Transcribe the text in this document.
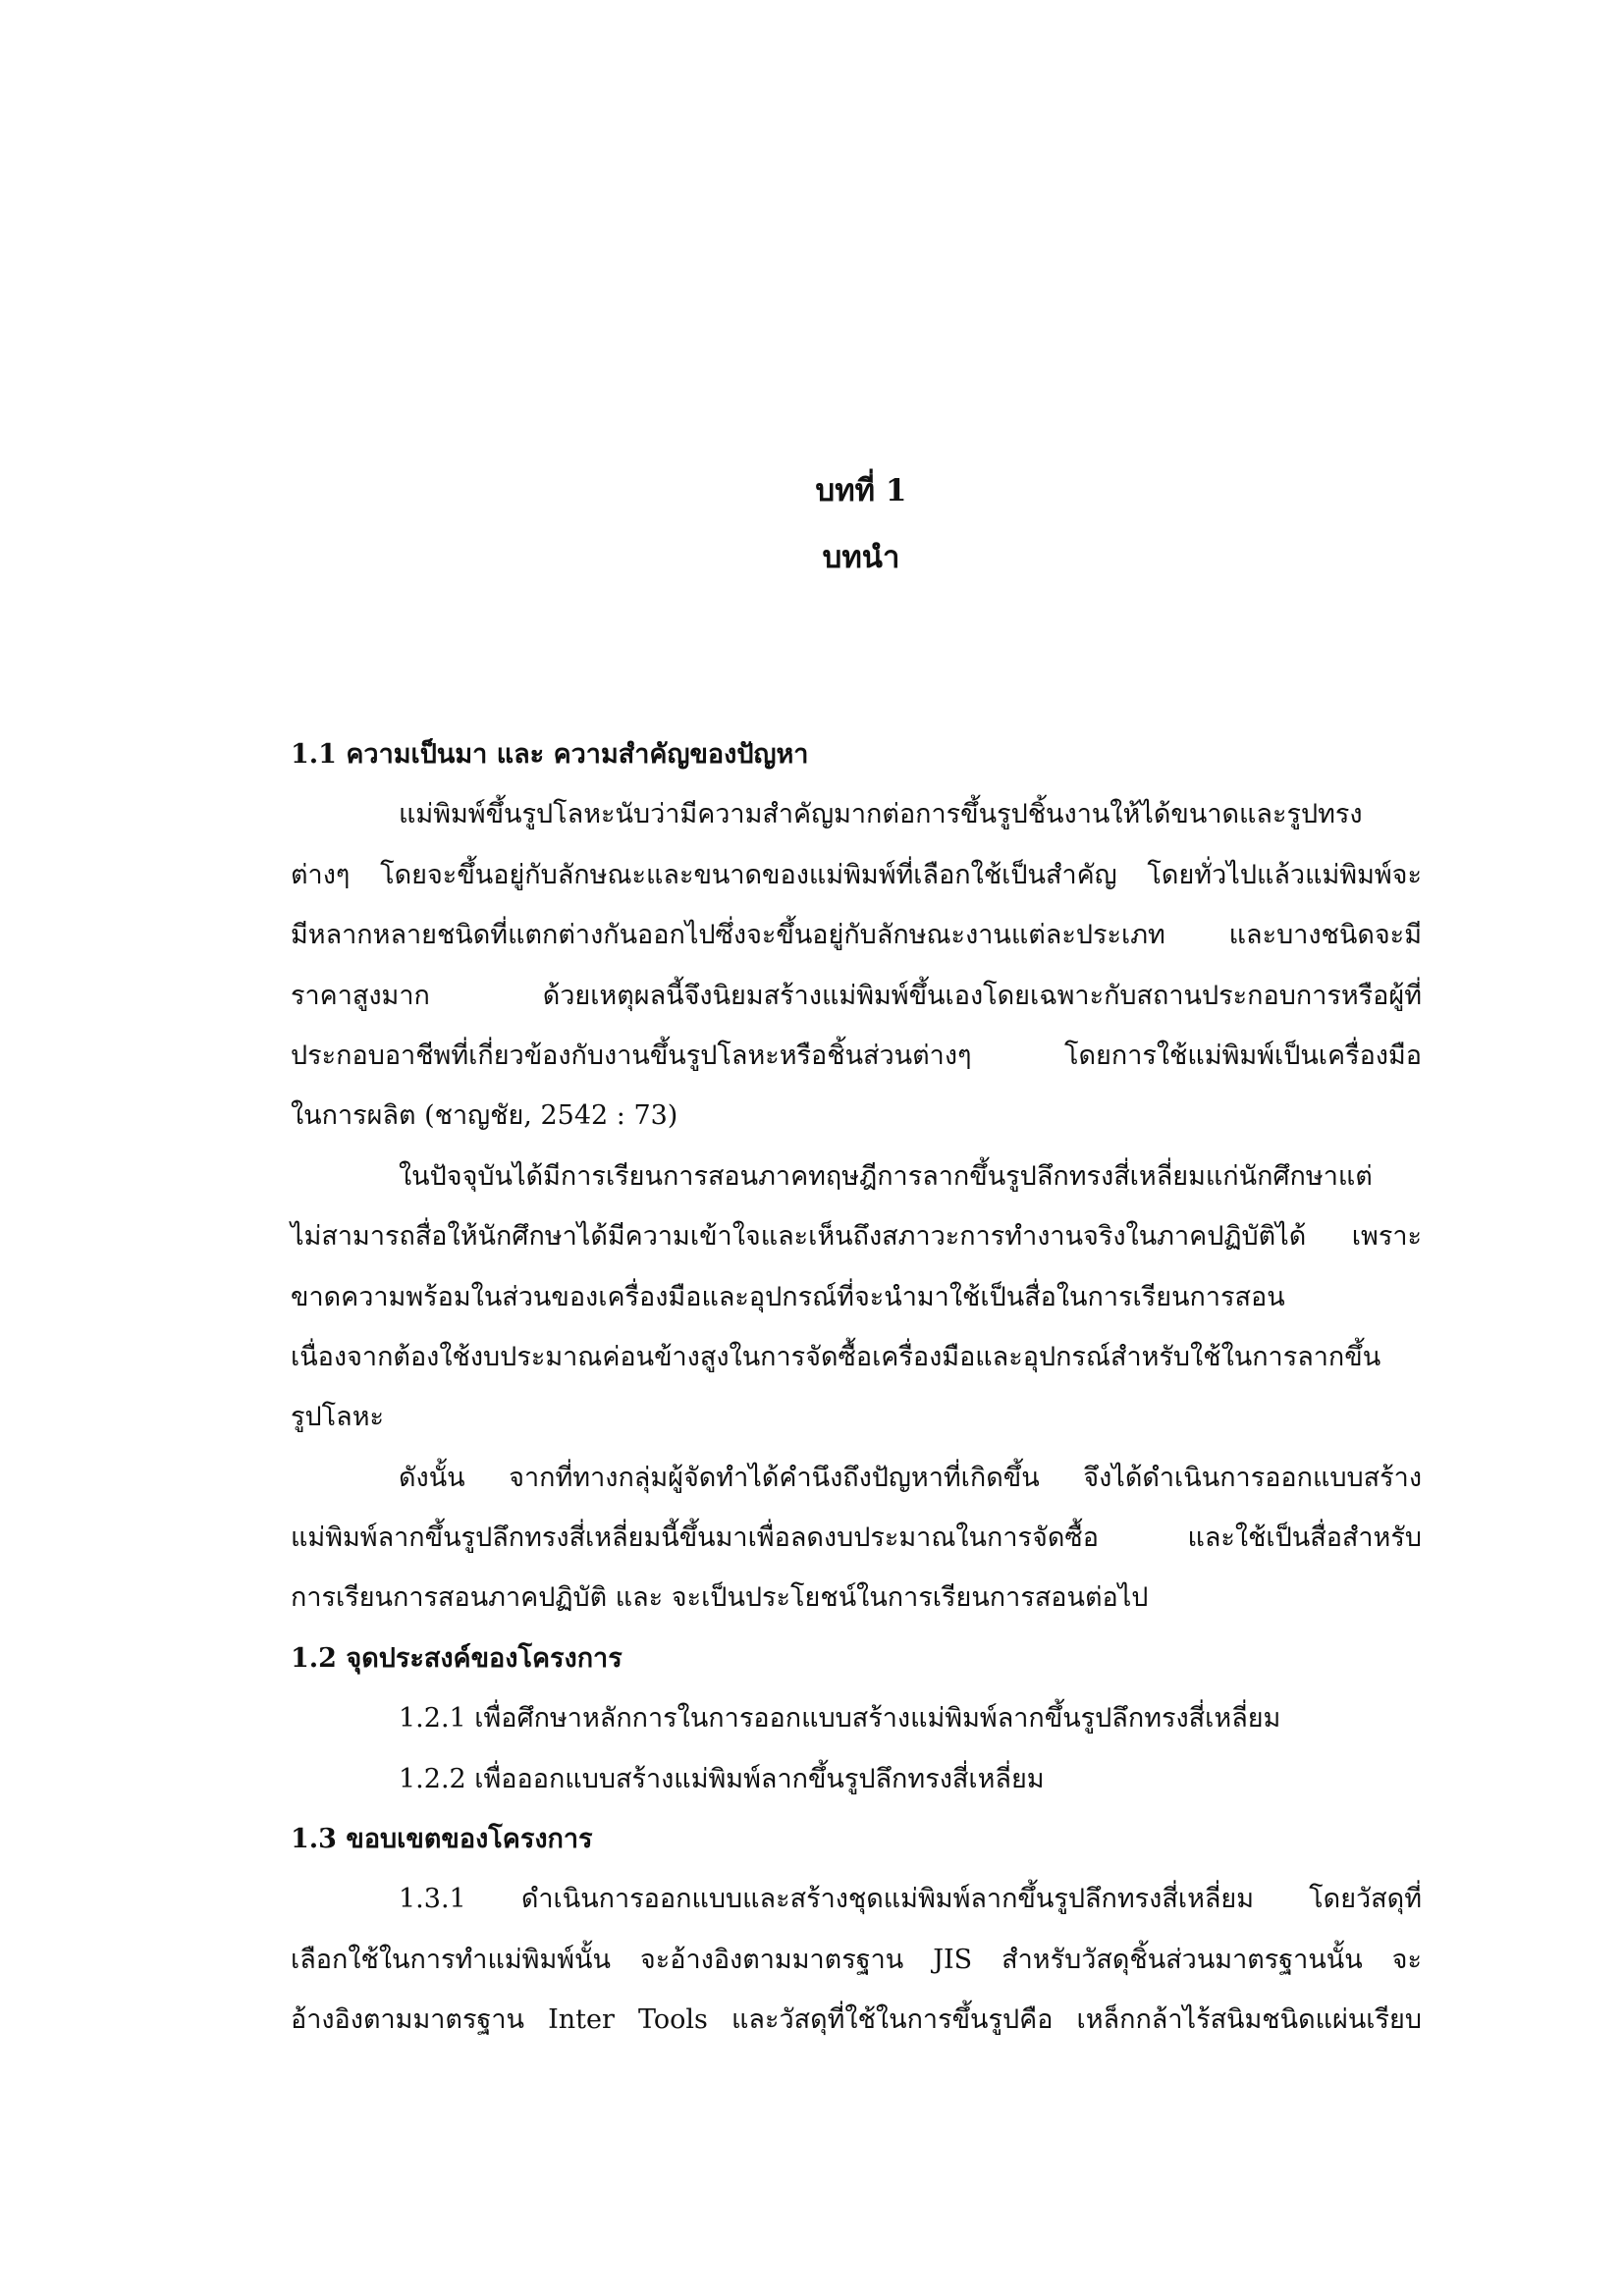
บทที่ 1
บทนำ
1.1 ความเป็นมา และ ความสำคัญของปัญหา
แม่พิมพ์ขึ้นรูปโลหะนับว่ามีความสำคัญมากต่อการขึ้นรูปชิ้นงานให้ได้ขนาดและรูปทรง
ต่างๆ โดยจะขึ้นอยู่กับลักษณะและขนาดของแม่พิมพ์ที่เลือกใช้เป็นสำคัญ โดยทั่วไปแล้วแม่พิมพ์จะ
มีหลากหลายชนิดที่แตกต่างกันออกไปซึ่งจะขึ้นอยู่กับลักษณะงานแต่ละประเภท และบางชนิดจะมี
ราคาสูงมาก ด้วยเหตุผลนี้จึงนิยมสร้างแม่พิมพ์ขึ้นเองโดยเฉพาะกับสถานประกอบการหรือผู้ที่
ประกอบอาชีพที่เกี่ยวข้องกับงานขึ้นรูปโลหะหรือชิ้นส่วนต่างๆ โดยการใช้แม่พิมพ์เป็นเครื่องมือ
ในการผลิต (ชาญชัย, 2542 : 73)
ในปัจจุบันได้มีการเรียนการสอนภาคทฤษฎีการลากขึ้นรูปลึกทรงสี่เหลี่ยมแก่นักศึกษาแต่
ไม่สามารถสื่อให้นักศึกษาได้มีความเข้าใจและเห็นถึงสภาวะการทำงานจริงในภาคปฏิบัติได้ เพราะ
ขาดความพร้อมในส่วนของเครื่องมือและอุปกรณ์ที่จะนำมาใช้เป็นสื่อในการเรียนการสอน
เนื่องจากต้องใช้งบประมาณค่อนข้างสูงในการจัดซื้อเครื่องมือและอุปกรณ์สำหรับใช้ในการลากขึ้น
รูปโลหะ
ดังนั้น จากที่ทางกลุ่มผู้จัดทำได้คำนึงถึงปัญหาที่เกิดขึ้น จึงได้ดำเนินการออกแบบสร้าง
แม่พิมพ์ลากขึ้นรูปลึกทรงสี่เหลี่ยมนี้ขึ้นมาเพื่อลดงบประมาณในการจัดซื้อ และใช้เป็นสื่อสำหรับ
การเรียนการสอนภาคปฏิบัติ และ จะเป็นประโยชน์ในการเรียนการสอนต่อไป
1.2 จุดประสงค์ของโครงการ
1.2.1 เพื่อศึกษาหลักการในการออกแบบสร้างแม่พิมพ์ลากขึ้นรูปลึกทรงสี่เหลี่ยม
1.2.2 เพื่อออกแบบสร้างแม่พิมพ์ลากขึ้นรูปลึกทรงสี่เหลี่ยม
1.3 ขอบเขตของโครงการ
1.3.1 ดำเนินการออกแบบและสร้างชุดแม่พิมพ์ลากขึ้นรูปลึกทรงสี่เหลี่ยม โดยวัสดุที่
เลือกใช้ในการทำแม่พิมพ์นั้น จะอ้างอิงตามมาตรฐาน JIS สำหรับวัสดุชิ้นส่วนมาตรฐานนั้น จะ
อ้างอิงตามมาตรฐาน Inter Tools และวัสดุที่ใช้ในการขึ้นรูปคือ เหล็กกล้าไร้สนิมชนิดแผ่นเรียบ
